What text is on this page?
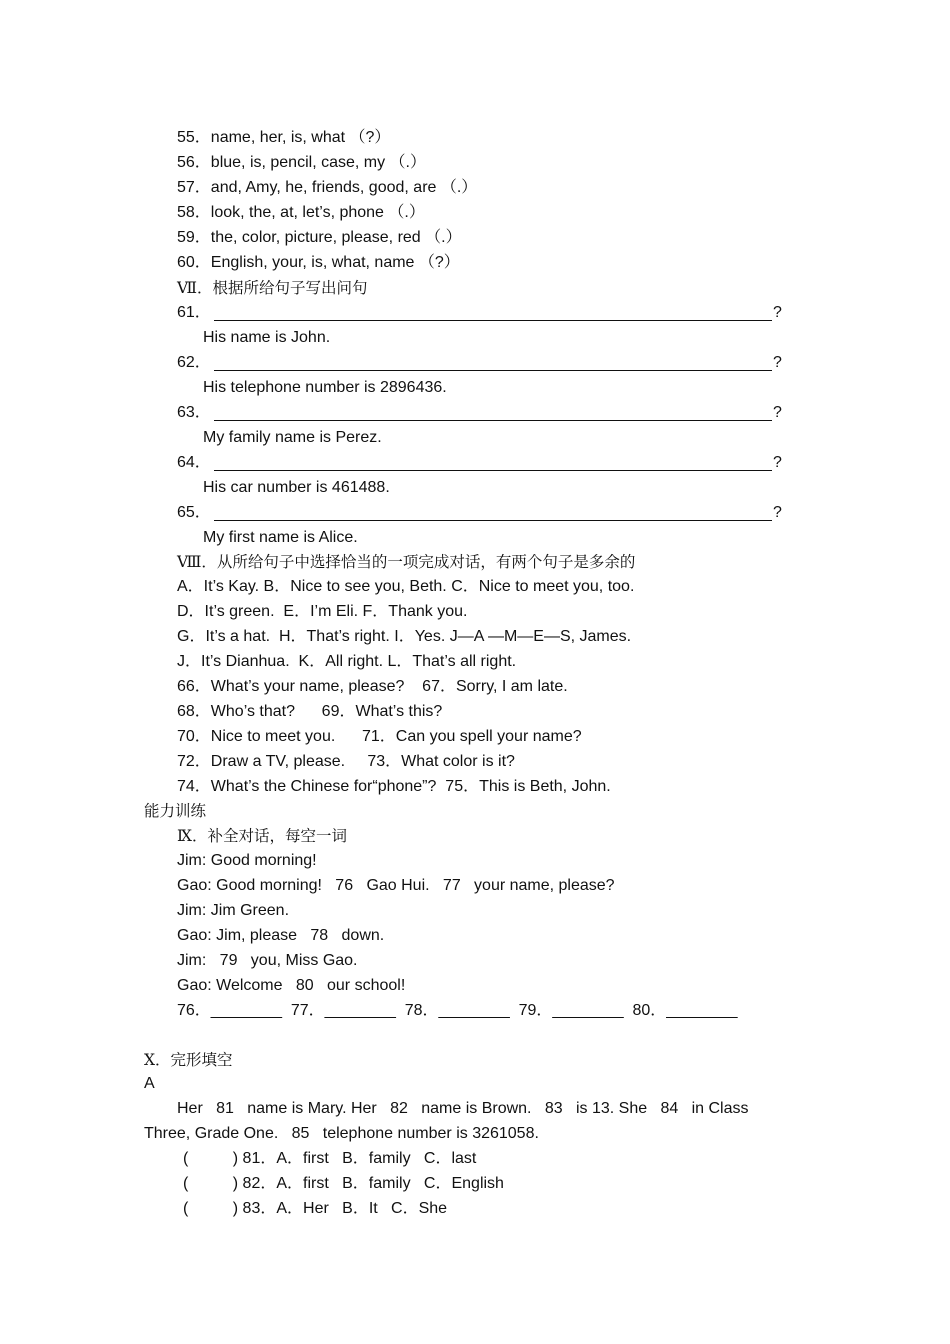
55．name, her, is, what （?）
56．blue, is, pencil, case, my （.）
57．and, Amy, he, friends, good, are （.）
58．look, the, at, let’s, phone （.）
59．the, color, picture, please, red （.）
60．English, your, is, what, name （?）
Ⅶ．根据所给句子写出问句
61．	?
His name is John.
62．	?
His telephone number is 2896436.
63．	?
My family name is Perez.
64．	?
His car number is 461488.
65．	?
My first name is Alice.
Ⅷ．从所给句子中选择恰当的一项完成对话，有两个句子是多余的
A．It’s Kay. B．Nice to see you, Beth. C．Nice to meet you, too.
D．It’s green.  E．I’m Eli. F．Thank you.
G．It’s a hat.  H．That’s right. I．Yes. J—A —M—E—S, James.
J．It’s Dianhua.  K．All right. L．That’s all right.
66．What’s your name, please?    67．Sorry, I am late.
68．Who’s that?      69．What’s this?
70．Nice to meet you.      71．Can you spell your name?
72．Draw a TV, please.     73．What color is it?
74．What’s the Chinese for“phone”?  75．This is Beth, John.
能力训练
Ⅸ．补全对话，每空一词
Jim: Good morning!
Gao: Good morning!   76   Gao Hui.   77   your name, please?
Jim: Jim Green.
Gao: Jim, please   78   down.
Jim:   79   you, Miss Gao.
Gao: Welcome   80   our school!
76．________  77．________  78．________  79．________  80．________
Ⅹ．完形填空
A
Her   81   name is Mary. Her   82   name is Brown.   83   is 13. She   84   in Class
Three, Grade One.   85   telephone number is 3261058.
(          ) 81．A．first   B．family   C．last
(          ) 82．A．first   B．family   C．English
(          ) 83．A．Her   B．It   C．She
